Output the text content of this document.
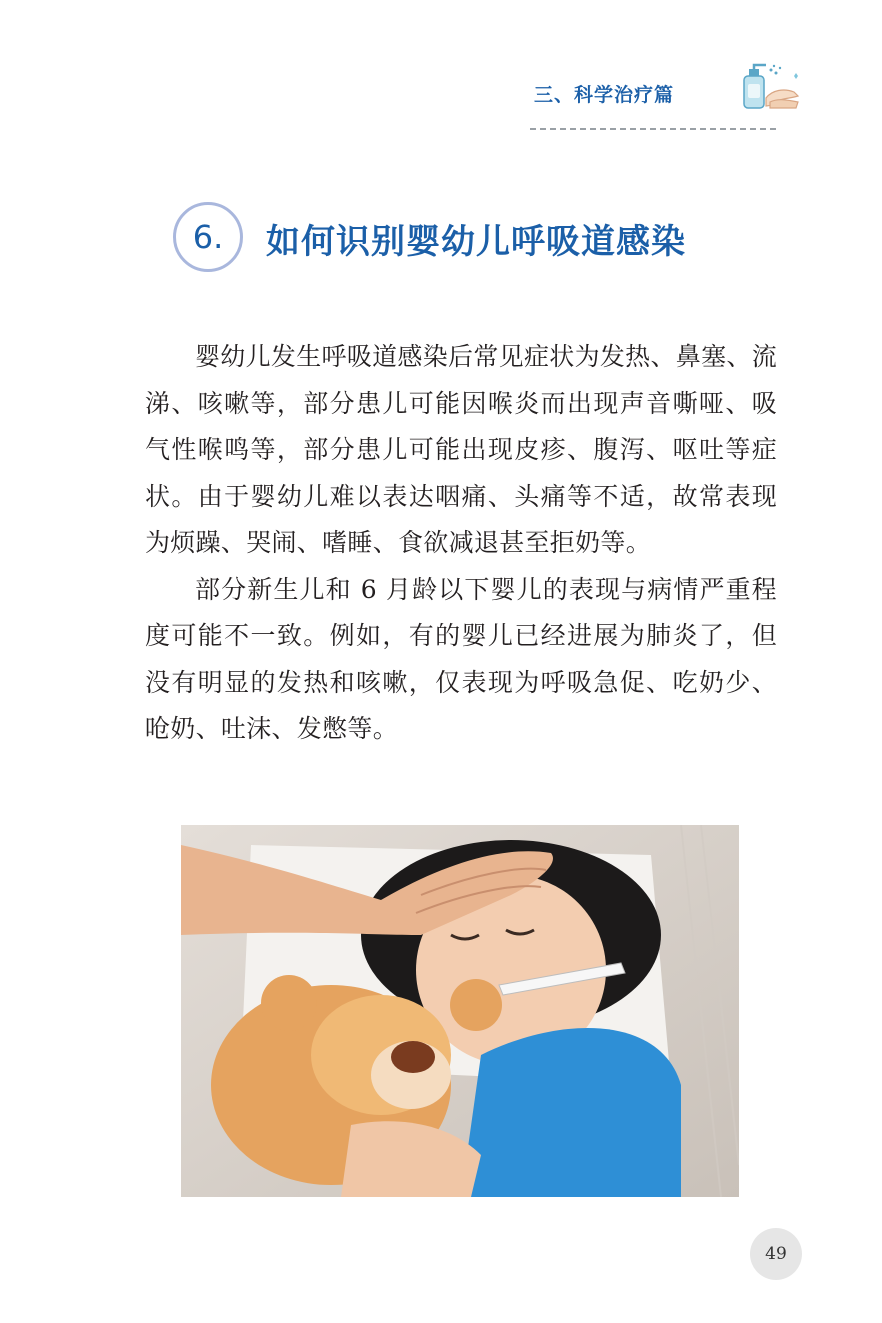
三、科学治疗篇
6.	如何识别婴幼儿呼吸道感染

婴幼儿发生呼吸道感染后常见症状为发热、鼻塞、流涕、咳嗽等，部分患儿可能因喉炎而出现声音嘶哑、吸气性喉鸣等，部分患儿可能出现皮疹、腹泻、呕吐等症状。由于婴幼儿难以表达咽痛、头痛等不适，故常表现为烦躁、哭闹、嗜睡、食欲减退甚至拒奶等。

部分新生儿和 6 月龄以下婴儿的表现与病情严重程度可能不一致。例如，有的婴儿已经进展为肺炎了，但没有明显的发热和咳嗽，仅表现为呼吸急促、吃奶少、呛奶、吐沫、发憋等。

49
